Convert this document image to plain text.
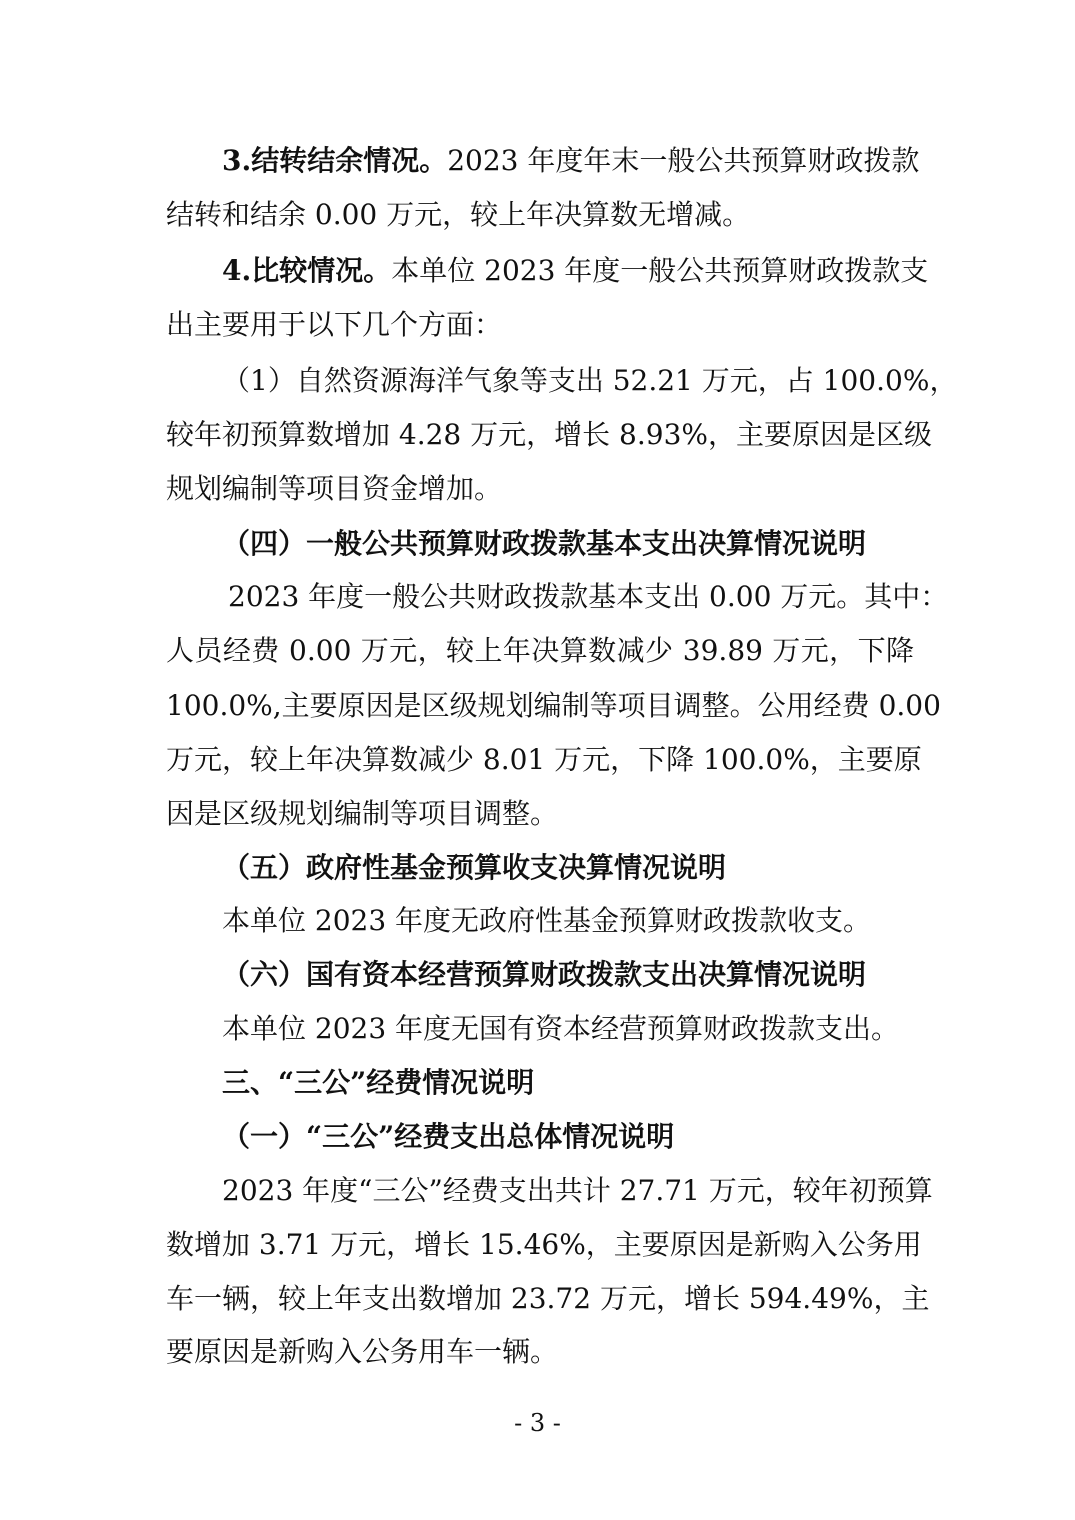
3.结转结余情况。2023 年度年末一般公共预算财政拨款
结转和结余 0.00 万元，较上年决算数无增减。
4.比较情况。本单位 2023 年度一般公共预算财政拨款支
出主要用于以下几个方面：
（1）自然资源海洋气象等支出 52.21 万元，占 100.0%，
较年初预算数增加 4.28 万元，增长 8.93%，主要原因是区级
规划编制等项目资金增加。
（四）一般公共预算财政拨款基本支出决算情况说明
2023 年度一般公共财政拨款基本支出 0.00 万元。其中：
人员经费 0.00 万元，较上年决算数减少 39.89 万元，下降
100.0%,主要原因是区级规划编制等项目调整。公用经费 0.00
万元，较上年决算数减少 8.01 万元，下降 100.0%，主要原
因是区级规划编制等项目调整。
（五）政府性基金预算收支决算情况说明
本单位 2023 年度无政府性基金预算财政拨款收支。
（六）国有资本经营预算财政拨款支出决算情况说明
本单位 2023 年度无国有资本经营预算财政拨款支出。
三、“三公”经费情况说明
（一）“三公”经费支出总体情况说明
2023 年度“三公”经费支出共计 27.71 万元，较年初预算
数增加 3.71 万元，增长 15.46%，主要原因是新购入公务用
车一辆，较上年支出数增加 23.72 万元，增长 594.49%，主
要原因是新购入公务用车一辆。
- 3 -
